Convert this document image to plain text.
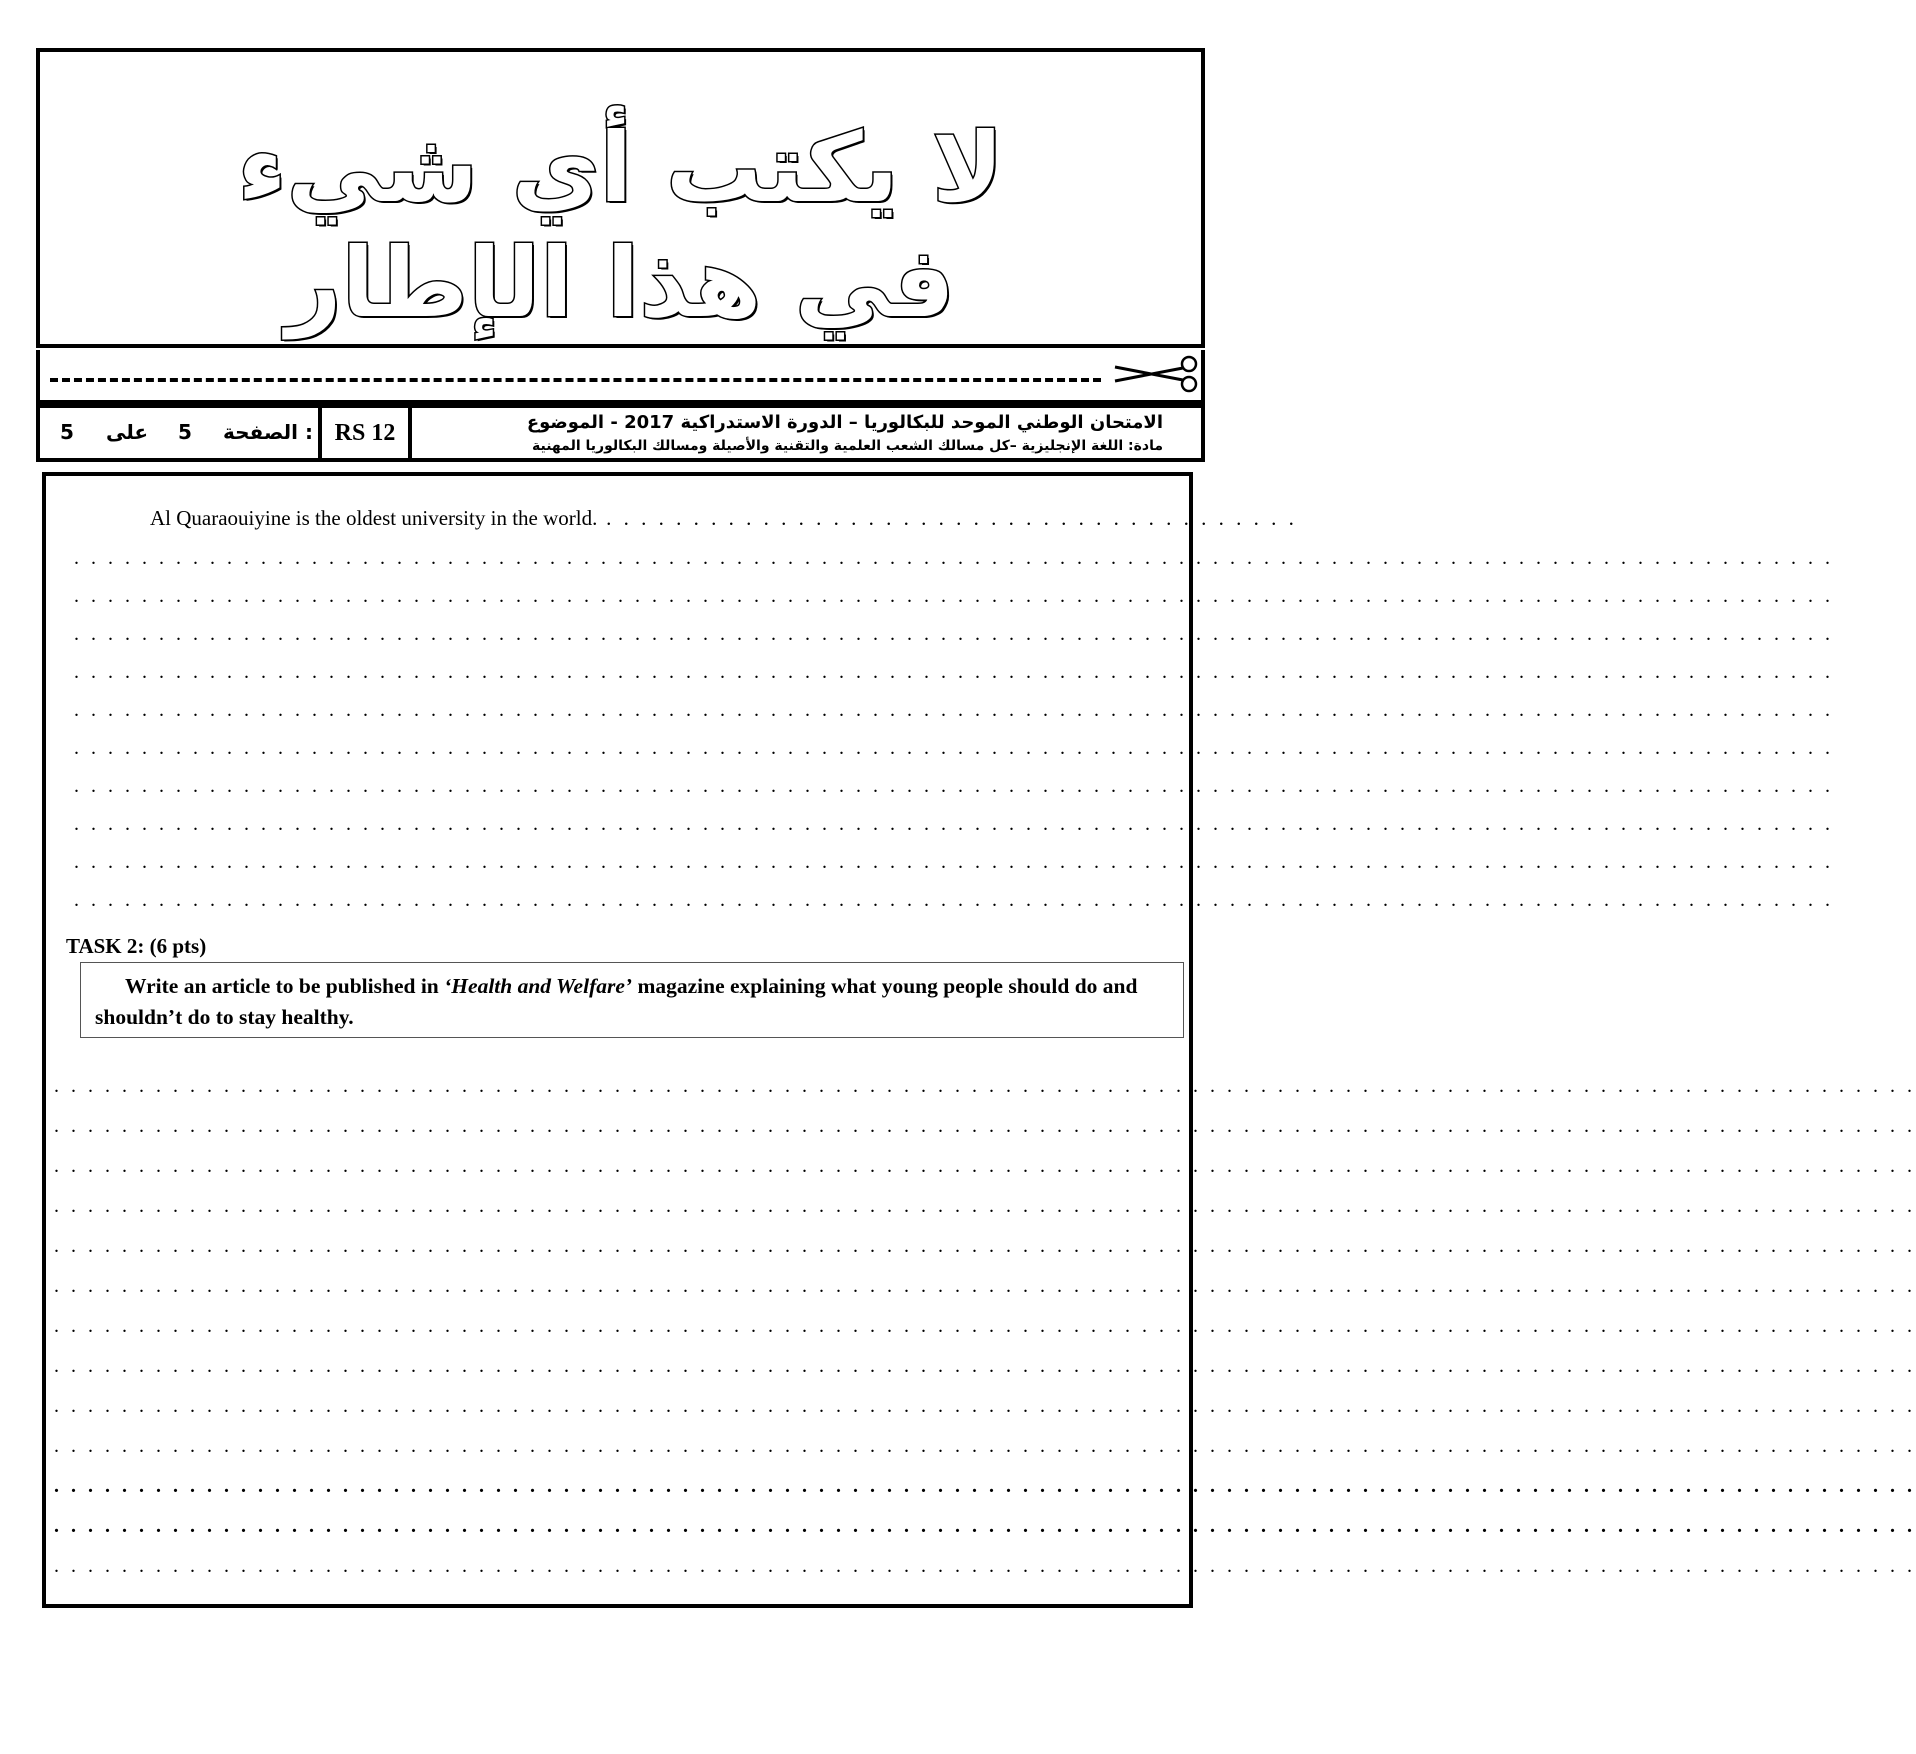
لا يكتب أي شيء
في هذا الإطار
5 على 5 الصفحة : RS 12	الامتحان الوطني الموحد للبكالوريا – الدورة الاستدراكية 2017 - الموضوع
مادة: اللغة الإنجليزية –كل مسالك الشعب العلمية والتقنية والأصيلة ومسالك البكالوريا المهنية
Al Quaraouiyine is the oldest university in the world. . . . . . . . . . . . . . . . . . . . . . . . . . . . . . . . . . . . . . . . .
. . . . . . . . . . . . . . . . . . . . . . . . . . . . . . . . . . . . . . . . . . . . . . . . . . . . . . . . . . . . . . . . . . . . . . . . . . . . . . . . . . . . . . . . . . . . . . . . . . . . . . . .
. . . . . . . . . . . . . . . . . . . . . . . . . . . . . . . . . . . . . . . . . . . . . . . . . . . . . . . . . . . . . . . . . . . . . . . . . . . . . . . . . . . . . . . . . . . . . . . . . . . . . . . .
. . . . . . . . . . . . . . . . . . . . . . . . . . . . . . . . . . . . . . . . . . . . . . . . . . . . . . . . . . . . . . . . . . . . . . . . . . . . . . . . . . . . . . . . . . . . . . . . . . . . . . . .
. . . . . . . . . . . . . . . . . . . . . . . . . . . . . . . . . . . . . . . . . . . . . . . . . . . . . . . . . . . . . . . . . . . . . . . . . . . . . . . . . . . . . . . . . . . . . . . . . . . . . . . .
. . . . . . . . . . . . . . . . . . . . . . . . . . . . . . . . . . . . . . . . . . . . . . . . . . . . . . . . . . . . . . . . . . . . . . . . . . . . . . . . . . . . . . . . . . . . . . . . . . . . . . . .
. . . . . . . . . . . . . . . . . . . . . . . . . . . . . . . . . . . . . . . . . . . . . . . . . . . . . . . . . . . . . . . . . . . . . . . . . . . . . . . . . . . . . . . . . . . . . . . . . . . . . . . .
. . . . . . . . . . . . . . . . . . . . . . . . . . . . . . . . . . . . . . . . . . . . . . . . . . . . . . . . . . . . . . . . . . . . . . . . . . . . . . . . . . . . . . . . . . . . . . . . . . . . . . . .
. . . . . . . . . . . . . . . . . . . . . . . . . . . . . . . . . . . . . . . . . . . . . . . . . . . . . . . . . . . . . . . . . . . . . . . . . . . . . . . . . . . . . . . . . . . . . . . . . . . . . . . .
. . . . . . . . . . . . . . . . . . . . . . . . . . . . . . . . . . . . . . . . . . . . . . . . . . . . . . . . . . . . . . . . . . . . . . . . . . . . . . . . . . . . . . . . . . . . . . . . . . . . . . . .
. . . . . . . . . . . . . . . . . . . . . . . . . . . . . . . . . . . . . . . . . . . . . . . . . . . . . . . . . . . . . . . . . . . . . . . . . . . . . . . . . . . . . . . . . . . . . . . . . . . . . . . .
TASK 2: (6 pts)
Write an article to be published in ‘Health and Welfare’ magazine explaining what young people should do and shouldn’t do to stay healthy.
. . . . . . . . . . . . . . . . . . . . . . . . . . . . . . . . . . . . . . . . . . . . . . . . . . . . . . . . . . . . . . . . . . . . . . . . . . . . . . . . . . . . . . . . . . . . . . . . . . . . . . . . . . . . . .
. . . . . . . . . . . . . . . . . . . . . . . . . . . . . . . . . . . . . . . . . . . . . . . . . . . . . . . . . . . . . . . . . . . . . . . . . . . . . . . . . . . . . . . . . . . . . . . . . . . . . . . . . . . . . .
. . . . . . . . . . . . . . . . . . . . . . . . . . . . . . . . . . . . . . . . . . . . . . . . . . . . . . . . . . . . . . . . . . . . . . . . . . . . . . . . . . . . . . . . . . . . . . . . . . . . . . . . . . . . . .
. . . . . . . . . . . . . . . . . . . . . . . . . . . . . . . . . . . . . . . . . . . . . . . . . . . . . . . . . . . . . . . . . . . . . . . . . . . . . . . . . . . . . . . . . . . . . . . . . . . . . . . . . . . . . .
. . . . . . . . . . . . . . . . . . . . . . . . . . . . . . . . . . . . . . . . . . . . . . . . . . . . . . . . . . . . . . . . . . . . . . . . . . . . . . . . . . . . . . . . . . . . . . . . . . . . . . . . . . . . . .
. . . . . . . . . . . . . . . . . . . . . . . . . . . . . . . . . . . . . . . . . . . . . . . . . . . . . . . . . . . . . . . . . . . . . . . . . . . . . . . . . . . . . . . . . . . . . . . . . . . . . . . . . . . . . .
. . . . . . . . . . . . . . . . . . . . . . . . . . . . . . . . . . . . . . . . . . . . . . . . . . . . . . . . . . . . . . . . . . . . . . . . . . . . . . . . . . . . . . . . . . . . . . . . . . . . . . . . . . . . . .
. . . . . . . . . . . . . . . . . . . . . . . . . . . . . . . . . . . . . . . . . . . . . . . . . . . . . . . . . . . . . . . . . . . . . . . . . . . . . . . . . . . . . . . . . . . . . . . . . . . . . . . . . . . . . .
. . . . . . . . . . . . . . . . . . . . . . . . . . . . . . . . . . . . . . . . . . . . . . . . . . . . . . . . . . . . . . . . . . . . . . . . . . . . . . . . . . . . . . . . . . . . . . . . . . . . . . . . . . . . . .
. . . . . . . . . . . . . . . . . . . . . . . . . . . . . . . . . . . . . . . . . . . . . . . . . . . . . . . . . . . . . . . . . . . . . . . . . . . . . . . . . . . . . . . . . . . . . . . . . . . . . . . . . . . . . .
. . . . . . . . . . . . . . . . . . . . . . . . . . . . . . . . . . . . . . . . . . . . . . . . . . . . . . . . . . . . . . . . . . . . . . . . . . . . . . . . . . . . . . . . . . . . . . . . . . . . . . . . . . . . . .
. . . . . . . . . . . . . . . . . . . . . . . . . . . . . . . . . . . . . . . . . . . . . . . . . . . . . . . . . . . . . . . . . . . . . . . . . . . . . . . . . . . . . . . . . . . . . . . . . . . . . . . . . . . . . .
. . . . . . . . . . . . . . . . . . . . . . . . . . . . . . . . . . . . . . . . . . . . . . . . . . . . . . . . . . . . . . . . . . . . . . . . . . . . . . . . . . . . . . . . . . . . . . . . . . . . . . . . . . . . . .
